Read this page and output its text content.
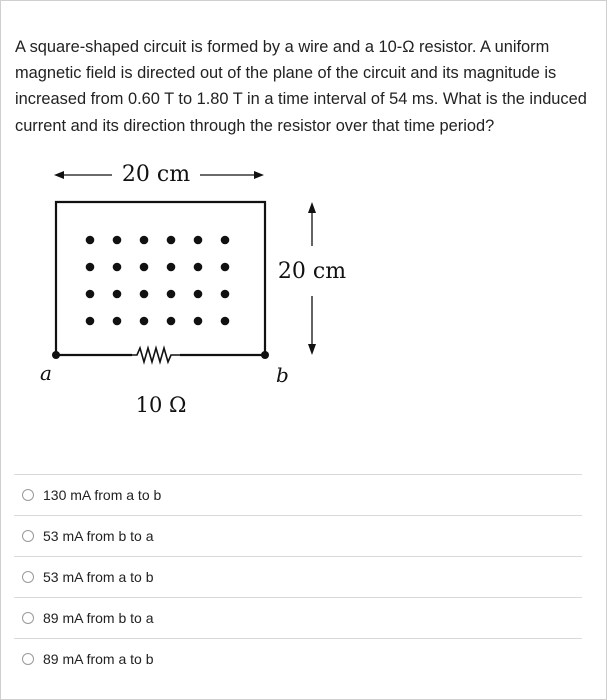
A square-shaped circuit is formed by a wire and a 10-Ω resistor. A uniform magnetic field is directed out of the plane of the circuit and its magnitude is increased from 0.60 T to 1.80 T in a time interval of 54 ms. What is the induced current and its direction through the resistor over that time period?
20 cm
a	b
10 Ω
20 cm
130 mA from a to b
53 mA from b to a
53 mA from a to b
89 mA from b to a
89 mA from a to b
